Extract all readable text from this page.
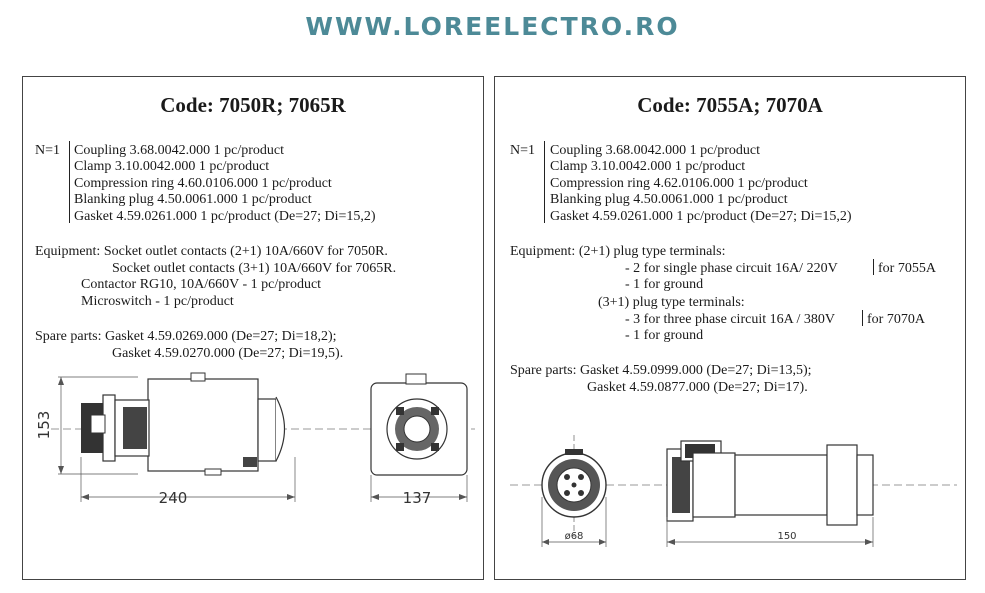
WWW.LOREELECTRO.RO
Code: 7050R; 7065R
N=1 Coupling 3.68.0042.000 1 pc/product
Clamp 3.10.0042.000 1 pc/product
Compression ring 4.60.0106.000 1 pc/product
Blanking plug 4.50.0061.000 1 pc/product
Gasket 4.59.0261.000 1 pc/product (De=27; Di=15,2)
Equipment: Socket outlet contacts (2+1) 10A/660V for 7050R.
Socket outlet contacts (3+1) 10A/660V for 7065R.
Contactor RG10, 10A/660V - 1 pc/product
Microswitch - 1 pc/product
Spare parts: Gasket 4.59.0269.000 (De=27; Di=18,2);
Gasket 4.59.0270.000 (De=27; Di=19,5).
153
240	137
Code: 7055A; 7070A
N=1 Coupling 3.68.0042.000 1 pc/product
Clamp 3.10.0042.000 1 pc/product
Compression ring 4.62.0106.000 1 pc/product
Blanking plug 4.50.0061.000 1 pc/product
Gasket 4.59.0261.000 1 pc/product (De=27; Di=15,2)
Equipment: (2+1) plug type terminals:
- 2 for single phase circuit 16A/ 220V	for 7055A
- 1 for ground
(3+1) plug type terminals:
- 3 for three phase circuit 16A / 380V for 7070A
- 1 for ground
Spare parts: Gasket 4.59.0999.000 (De=27; Di=13,5);
Gasket 4.59.0877.000 (De=27; Di=17).
ø68	150
